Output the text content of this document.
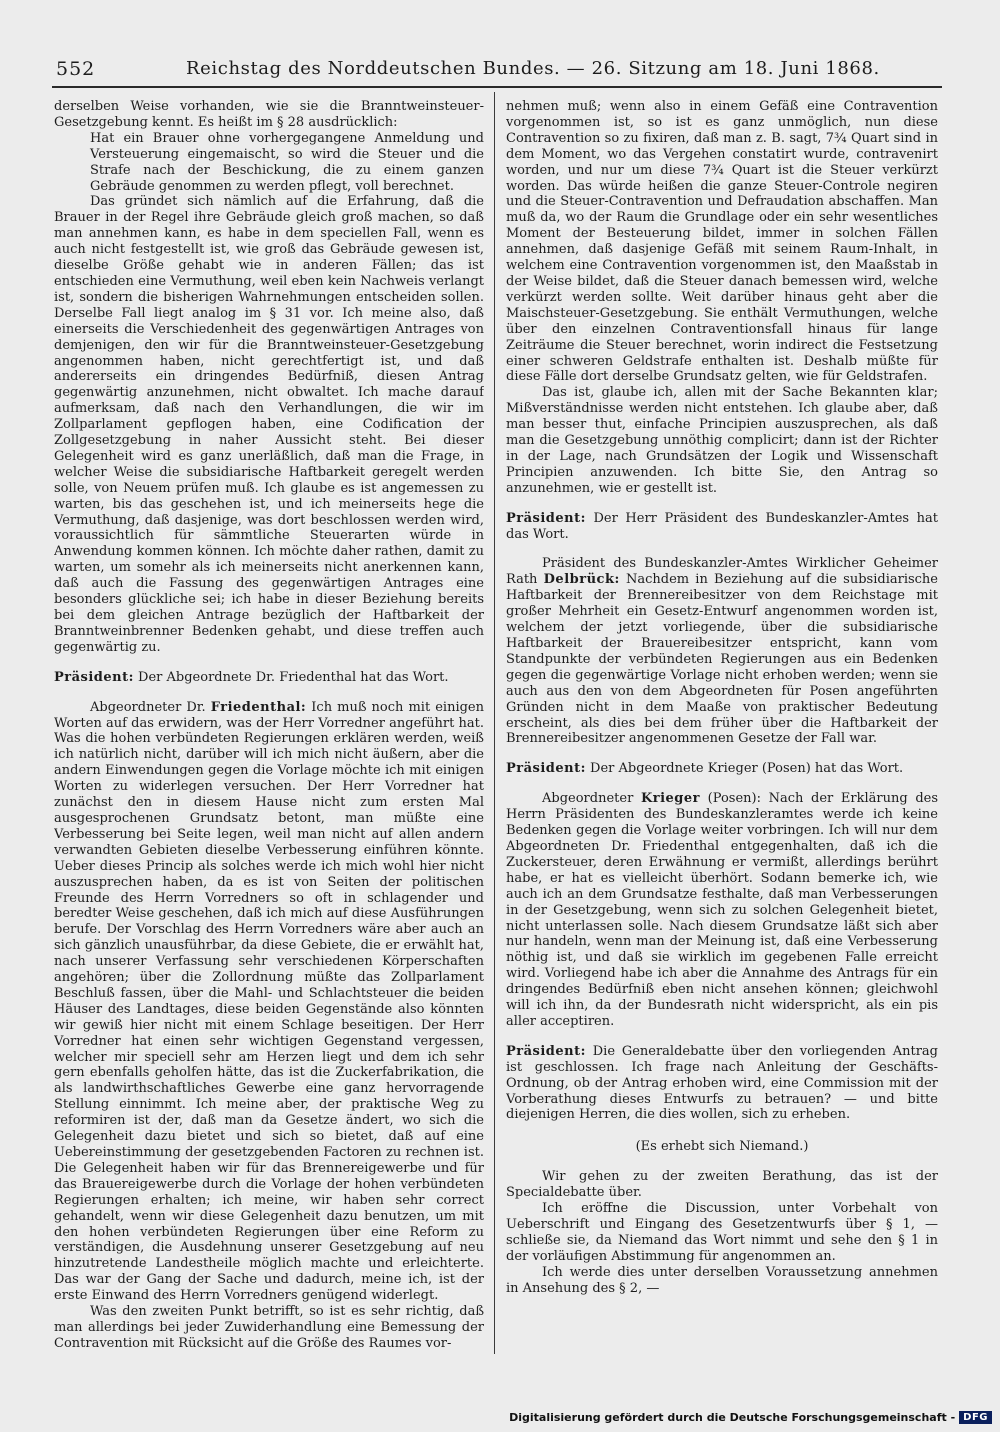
552	Reichstag des Norddeutschen Bundes. — 26. Sitzung am 18. Juni 1868.

derselben Weise vorhanden, wie sie die Branntweinsteuer-Gesetzgebung kennt. Es heißt im § 28 ausdrücklich:

Hat ein Brauer ohne vorhergegangene Anmeldung und Versteuerung eingemaischt, so wird die Steuer und die Strafe nach der Beschickung, die zu einem ganzen Gebräude genommen zu werden pflegt, voll berechnet.

Das gründet sich nämlich auf die Erfahrung, daß die Brauer in der Regel ihre Gebräude gleich groß machen, so daß man annehmen kann, es habe in dem speciellen Fall, wenn es auch nicht festgestellt ist, wie groß das Gebräude gewesen ist, dieselbe Größe gehabt wie in anderen Fällen; das ist entschieden eine Vermuthung, weil eben kein Nachweis verlangt ist, sondern die bisherigen Wahrnehmungen entscheiden sollen. Derselbe Fall liegt analog im § 31 vor. Ich meine also, daß einerseits die Verschiedenheit des gegenwärtigen Antrages von demjenigen, den wir für die Branntweinsteuer-Gesetzgebung angenommen haben, nicht gerechtfertigt ist, und daß andererseits ein dringendes Bedürfniß, diesen Antrag gegenwärtig anzunehmen, nicht obwaltet. Ich mache darauf aufmerksam, daß nach den Verhandlungen, die wir im Zollparlament gepflogen haben, eine Codification der Zollgesetzgebung in naher Aussicht steht. Bei dieser Gelegenheit wird es ganz unerläßlich, daß man die Frage, in welcher Weise die subsidiarische Haftbarkeit geregelt werden solle, von Neuem prüfen muß. Ich glaube es ist angemessen zu warten, bis das geschehen ist, und ich meinerseits hege die Vermuthung, daß dasjenige, was dort beschlossen werden wird, voraussichtlich für sämmtliche Steuerarten würde in Anwendung kommen können. Ich möchte daher rathen, damit zu warten, um somehr als ich meinerseits nicht anerkennen kann, daß auch die Fassung des gegenwärtigen Antrages eine besonders glückliche sei; ich habe in dieser Beziehung bereits bei dem gleichen Antrage bezüglich der Haftbarkeit der Branntweinbrenner Bedenken gehabt, und diese treffen auch gegenwärtig zu.

Präsident: Der Abgeordnete Dr. Friedenthal hat das Wort.

Abgeordneter Dr. Friedenthal: Ich muß noch mit einigen Worten auf das erwidern, was der Herr Vorredner angeführt hat. Was die hohen verbündeten Regierungen erklären werden, weiß ich natürlich nicht, darüber will ich mich nicht äußern, aber die andern Einwendungen gegen die Vorlage möchte ich mit einigen Worten zu widerlegen versuchen. Der Herr Vorredner hat zunächst den in diesem Hause nicht zum ersten Mal ausgesprochenen Grundsatz betont, man müßte eine Verbesserung bei Seite legen, weil man nicht auf allen andern verwandten Gebieten dieselbe Verbesserung einführen könnte. Ueber dieses Princip als solches werde ich mich wohl hier nicht auszusprechen haben, da es ist von Seiten der politischen Freunde des Herrn Vorredners so oft in schlagender und beredter Weise geschehen, daß ich mich auf diese Ausführungen berufe. Der Vorschlag des Herrn Vorredners wäre aber auch an sich gänzlich unausführbar, da diese Gebiete, die er erwählt hat, nach unserer Verfassung sehr verschiedenen Körperschaften angehören; über die Zollordnung müßte das Zollparlament Beschluß fassen, über die Mahl- und Schlachtsteuer die beiden Häuser des Landtages, diese beiden Gegenstände also könnten wir gewiß hier nicht mit einem Schlage beseitigen. Der Herr Vorredner hat einen sehr wichtigen Gegenstand vergessen, welcher mir speciell sehr am Herzen liegt und dem ich sehr gern ebenfalls geholfen hätte, das ist die Zuckerfabrikation, die als landwirthschaftliches Gewerbe eine ganz hervorragende Stellung einnimmt. Ich meine aber, der praktische Weg zu reformiren ist der, daß man da Gesetze ändert, wo sich die Gelegenheit dazu bietet und sich so bietet, daß auf eine Uebereinstimmung der gesetzgebenden Factoren zu rechnen ist. Die Gelegenheit haben wir für das Brennereigewerbe und für das Brauereigewerbe durch die Vorlage der hohen verbündeten Regierungen erhalten; ich meine, wir haben sehr correct gehandelt, wenn wir diese Gelegenheit dazu benutzen, um mit den hohen verbündeten Regierungen über eine Reform zu verständigen, die Ausdehnung unserer Gesetzgebung auf neu hinzutretende Landestheile möglich machte und erleichterte. Das war der Gang der Sache und dadurch, meine ich, ist der erste Einwand des Herrn Vorredners genügend widerlegt.

Was den zweiten Punkt betrifft, so ist es sehr richtig, daß man allerdings bei jeder Zuwiderhandlung eine Bemessung der Contravention mit Rücksicht auf die Größe des Raumes vor-

nehmen muß; wenn also in einem Gefäß eine Contravention vorgenommen ist, so ist es ganz unmöglich, nun diese Contravention so zu fixiren, daß man z. B. sagt, 7¾ Quart sind in dem Moment, wo das Vergehen constatirt wurde, contravenirt worden, und nur um diese 7¾ Quart ist die Steuer verkürzt worden. Das würde heißen die ganze Steuer-Controle negiren und die Steuer-Contravention und Defraudation abschaffen. Man muß da, wo der Raum die Grundlage oder ein sehr wesentliches Moment der Besteuerung bildet, immer in solchen Fällen annehmen, daß dasjenige Gefäß mit seinem Raum-Inhalt, in welchem eine Contravention vorgenommen ist, den Maaßstab in der Weise bildet, daß die Steuer danach bemessen wird, welche verkürzt werden sollte. Weit darüber hinaus geht aber die Maischsteuer-Gesetzgebung. Sie enthält Vermuthungen, welche über den einzelnen Contraventionsfall hinaus für lange Zeiträume die Steuer berechnet, worin indirect die Festsetzung einer schweren Geldstrafe enthalten ist. Deshalb müßte für diese Fälle dort derselbe Grundsatz gelten, wie für Geldstrafen.

Das ist, glaube ich, allen mit der Sache Bekannten klar; Mißverständnisse werden nicht entstehen. Ich glaube aber, daß man besser thut, einfache Principien auszusprechen, als daß man die Gesetzgebung unnöthig complicirt; dann ist der Richter in der Lage, nach Grundsätzen der Logik und Wissenschaft Principien anzuwenden. Ich bitte Sie, den Antrag so anzunehmen, wie er gestellt ist.

Präsident: Der Herr Präsident des Bundeskanzler-Amtes hat das Wort.

Präsident des Bundeskanzler-Amtes Wirklicher Geheimer Rath Delbrück: Nachdem in Beziehung auf die subsidiarische Haftbarkeit der Brennereibesitzer von dem Reichstage mit großer Mehrheit ein Gesetz-Entwurf angenommen worden ist, welchem der jetzt vorliegende, über die subsidiarische Haftbarkeit der Brauereibesitzer entspricht, kann vom Standpunkte der verbündeten Regierungen aus ein Bedenken gegen die gegenwärtige Vorlage nicht erhoben werden; wenn sie auch aus den von dem Abgeordneten für Posen angeführten Gründen nicht in dem Maaße von praktischer Bedeutung erscheint, als dies bei dem früher über die Haftbarkeit der Brennereibesitzer angenommenen Gesetze der Fall war.

Präsident: Der Abgeordnete Krieger (Posen) hat das Wort.

Abgeordneter Krieger (Posen): Nach der Erklärung des Herrn Präsidenten des Bundeskanzleramtes werde ich keine Bedenken gegen die Vorlage weiter vorbringen. Ich will nur dem Abgeordneten Dr. Friedenthal entgegenhalten, daß ich die Zuckersteuer, deren Erwähnung er vermißt, allerdings berührt habe, er hat es vielleicht überhört. Sodann bemerke ich, wie auch ich an dem Grundsatze festhalte, daß man Verbesserungen in der Gesetzgebung, wenn sich zu solchen Gelegenheit bietet, nicht unterlassen solle. Nach diesem Grundsatze läßt sich aber nur handeln, wenn man der Meinung ist, daß eine Verbesserung nöthig ist, und daß sie wirklich im gegebenen Falle erreicht wird. Vorliegend habe ich aber die Annahme des Antrags für ein dringendes Bedürfniß eben nicht ansehen können; gleichwohl will ich ihn, da der Bundesrath nicht widerspricht, als ein pis aller acceptiren.

Präsident: Die Generaldebatte über den vorliegenden Antrag ist geschlossen. Ich frage nach Anleitung der Geschäfts-Ordnung, ob der Antrag erhoben wird, eine Commission mit der Vorberathung dieses Entwurfs zu betrauen? — und bitte diejenigen Herren, die dies wollen, sich zu erheben.

(Es erhebt sich Niemand.)

Wir gehen zu der zweiten Berathung, das ist der Specialdebatte über.

Ich eröffne die Discussion, unter Vorbehalt von Ueberschrift und Eingang des Gesetzentwurfs über § 1, — schließe sie, da Niemand das Wort nimmt und sehe den § 1 in der vorläufigen Abstimmung für angenommen an.

Ich werde dies unter derselben Voraussetzung annehmen in Ansehung des § 2, —

Digitalisierung gefördert durch die Deutsche Forschungsgemeinschaft - DFG
